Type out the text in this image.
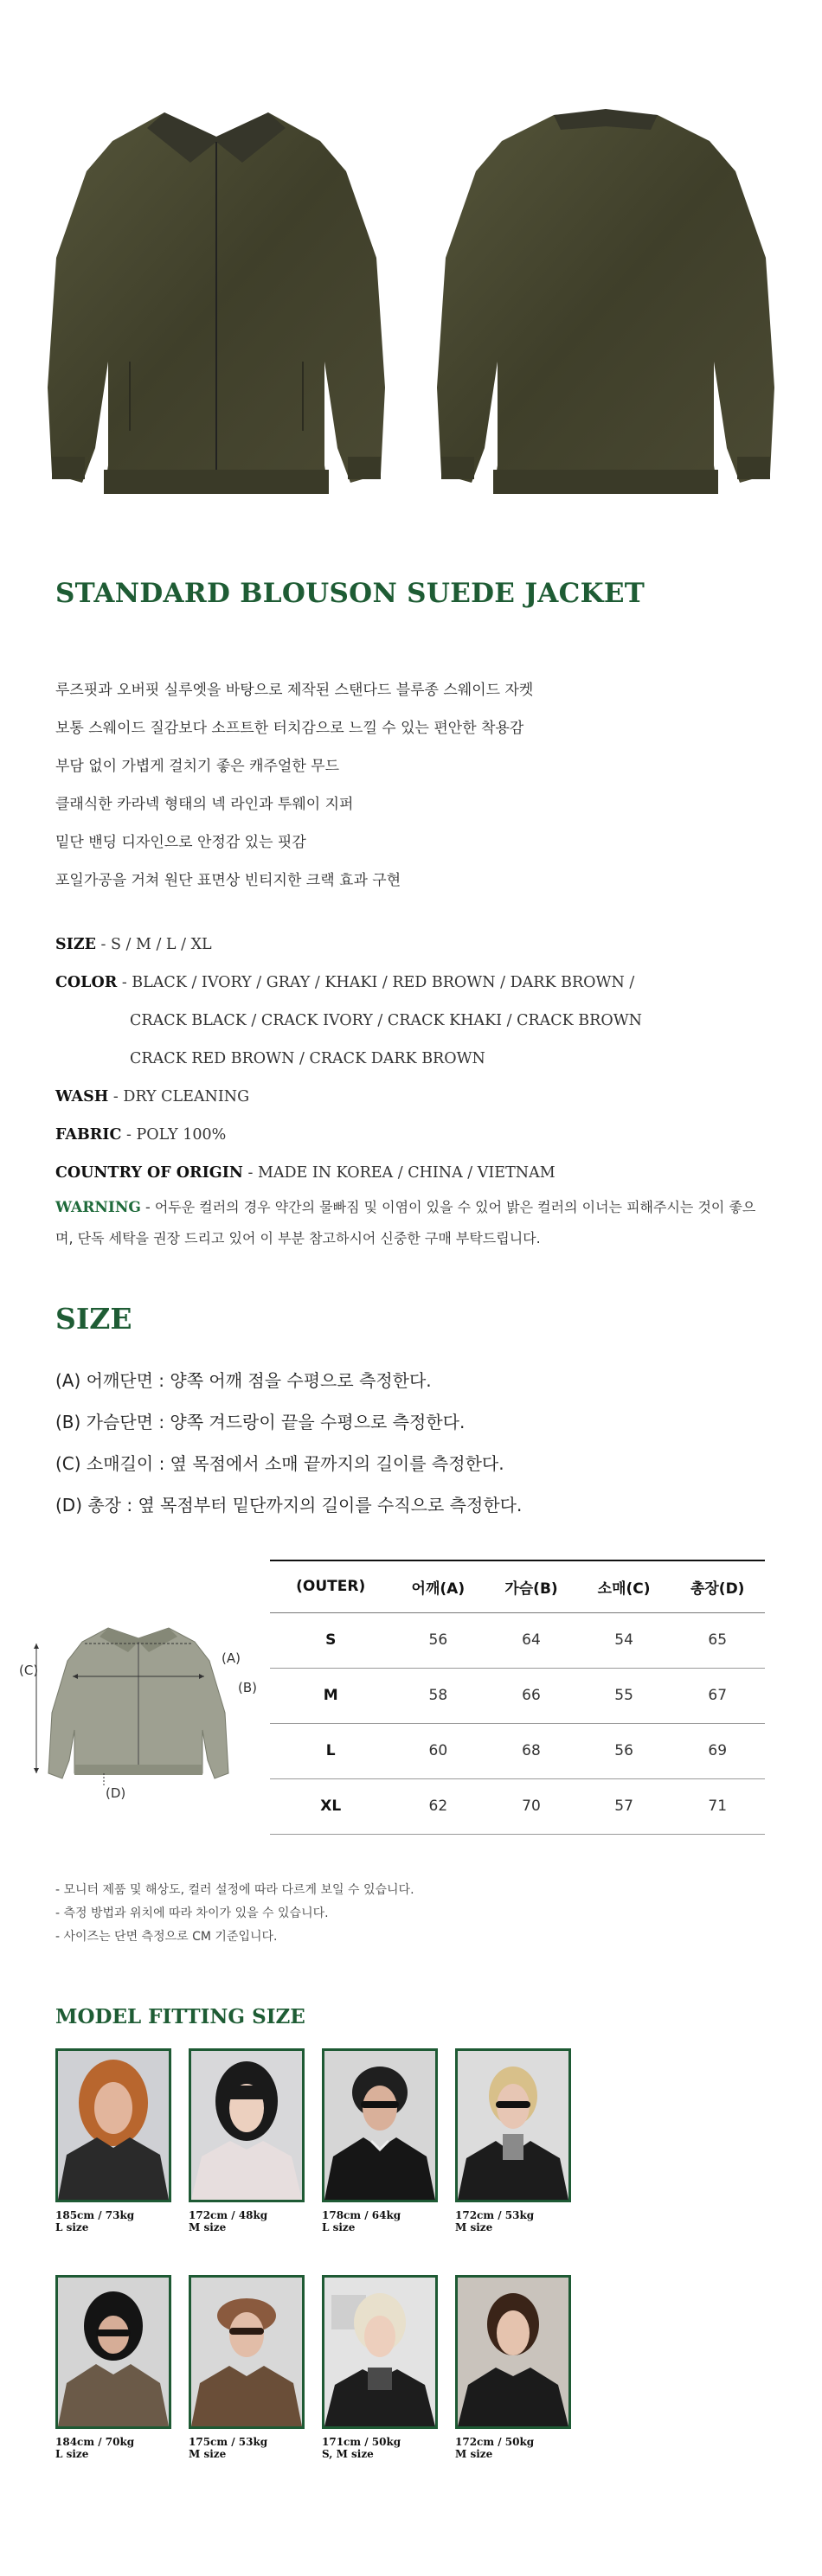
STANDARD BLOUSON SUEDE JACKET

루즈핏과 오버핏 실루엣을 바탕으로 제작된 스탠다드 블루종 스웨이드 자켓

보통 스웨이드 질감보다 소프트한 터치감으로 느낄 수 있는 편안한 착용감

부담 없이 가볍게 걸치기 좋은 캐주얼한 무드

클래식한 카라넥 형태의 넥 라인과 투웨이 지퍼

밑단 밴딩 디자인으로 안정감 있는 핏감

포일가공을 거쳐 원단 표면상 빈티지한 크랙 효과 구현

SIZE - S / M / L / XL
COLOR - BLACK / IVORY / GRAY / KHAKI / RED BROWN / DARK BROWN /
CRACK BLACK / CRACK IVORY / CRACK KHAKI / CRACK BROWN
CRACK RED BROWN / CRACK DARK BROWN
WASH - DRY CLEANING
FABRIC - POLY 100%
COUNTRY OF ORIGIN - MADE IN KOREA / CHINA / VIETNAM
WARNING - 어두운 컬러의 경우 약간의 물빠짐 및 이염이 있을 수 있어 밝은 컬러의 이너는 피해주시는 것이 좋으며, 단독 세탁을 권장 드리고 있어 이 부분 참고하시어 신중한 구매 부탁드립니다.
SIZE

(A) 어깨단면 : 양쪽 어깨 점을 수평으로 측정한다.

(B) 가슴단면 : 양쪽 겨드랑이 끝을 수평으로 측정한다.

(C) 소매길이 : 옆 목점에서 소매 끝까지의 길이를 측정한다.

(D) 총장 : 옆 목점부터 밑단까지의 길이를 수직으로 측정한다.

(A)
(B)
(C)
(D)
(OUTER)	어깨(A)	가슴(B)	소매(C)	총장(D)
S	56	64	54	65
M	58	66	55	67
L	60	68	56	69
XL	62	70	57	71

- 모니터 제품 및 해상도, 컬러 설정에 따라 다르게 보일 수 있습니다.

- 측정 방법과 위치에 따라 차이가 있을 수 있습니다.

- 사이즈는 단면 측정으로 CM 기준입니다.

MODEL FITTING SIZE
185cm / 73kg
L size
172cm / 48kg
M size
178cm / 64kg
L size
172cm / 53kg
M size
184cm / 70kg
L size
175cm / 53kg
M size
171cm / 50kg
S, M size
172cm / 50kg
M size
